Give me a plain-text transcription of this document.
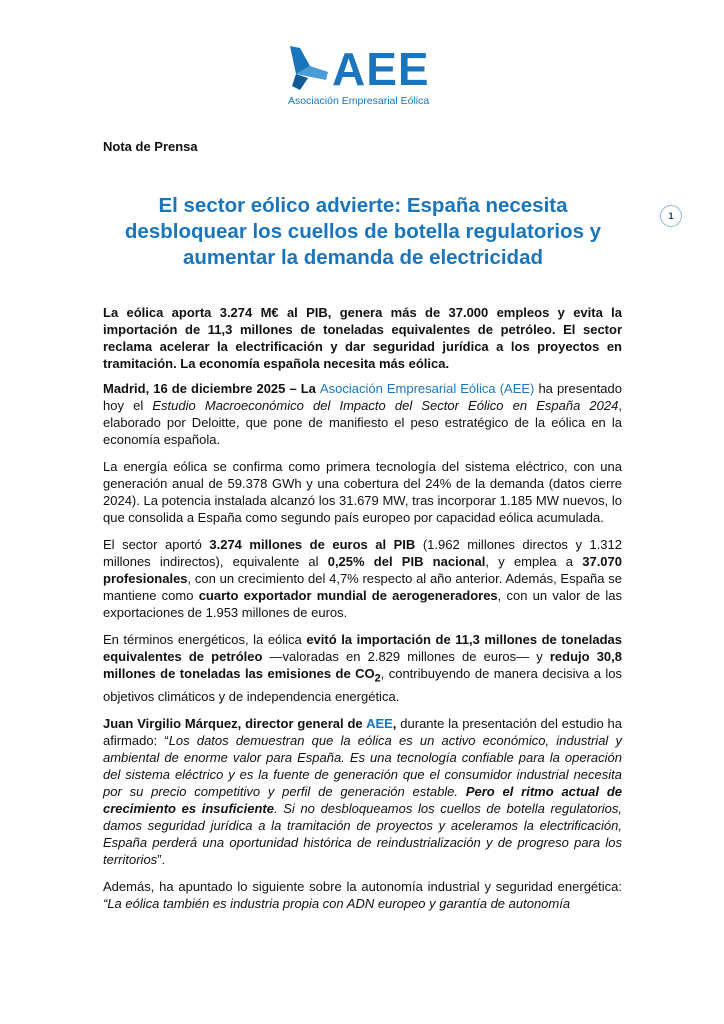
AEE
Asociación Empresarial Eólica
Nota de Prensa
1
El sector eólico advierte: España necesita desbloquear los cuellos de botella regulatorios y aumentar la demanda de electricidad

La eólica aporta 3.274 M€ al PIB, genera más de 37.000 empleos y evita la importación de 11,3 millones de toneladas equivalentes de petróleo. El sector reclama acelerar la electrificación y dar seguridad jurídica a los proyectos en tramitación. La economía española necesita más eólica.

Madrid, 16 de diciembre 2025 – La Asociación Empresarial Eólica (AEE) ha presentado hoy el Estudio Macroeconómico del Impacto del Sector Eólico en España 2024, elaborado por Deloitte, que pone de manifiesto el peso estratégico de la eólica en la economía española.

La energía eólica se confirma como primera tecnología del sistema eléctrico, con una generación anual de 59.378 GWh y una cobertura del 24% de la demanda (datos cierre 2024). La potencia instalada alcanzó los 31.679 MW, tras incorporar 1.185 MW nuevos, lo que consolida a España como segundo país europeo por capacidad eólica acumulada.

El sector aportó 3.274 millones de euros al PIB (1.962 millones directos y 1.312 millones indirectos), equivalente al 0,25% del PIB nacional, y emplea a 37.070 profesionales, con un crecimiento del 4,7% respecto al año anterior. Además, España se mantiene como cuarto exportador mundial de aerogeneradores, con un valor de las exportaciones de 1.953 millones de euros.

En términos energéticos, la eólica evitó la importación de 11,3 millones de toneladas equivalentes de petróleo —valoradas en 2.829 millones de euros— y redujo 30,8 millones de toneladas las emisiones de $CO_2$, contribuyendo de manera decisiva a los objetivos climáticos y de independencia energética.

Juan Virgilio Márquez, director general de AEE, durante la presentación del estudio ha afirmado: “Los datos demuestran que la eólica es un activo económico, industrial y ambiental de enorme valor para España. Es una tecnología confiable para la operación del sistema eléctrico y es la fuente de generación que el consumidor industrial necesita por su precio competitivo y perfil de generación estable. Pero el ritmo actual de crecimiento es insuficiente. Si no desbloqueamos los cuellos de botella regulatorios, damos seguridad jurídica a la tramitación de proyectos y aceleramos la electrificación, España perderá una oportunidad histórica de reindustrialización y de progreso para los territorios”.

Además, ha apuntado lo siguiente sobre la autonomía industrial y seguridad energética: “La eólica también es industria propia con ADN europeo y garantía de autonomía
